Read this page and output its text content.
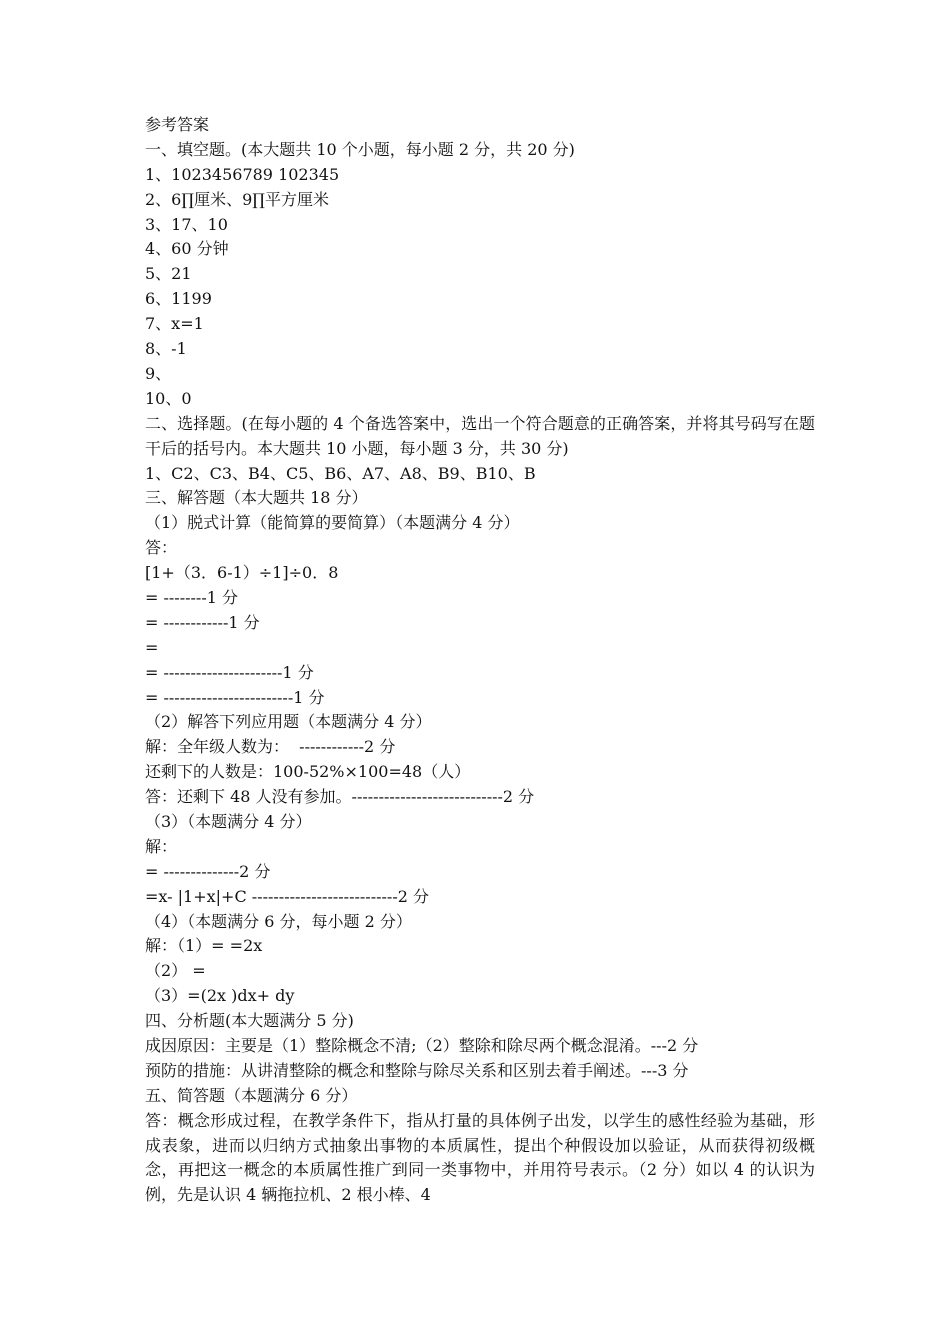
参考答案
一、填空题。(本大题共 10 个小题，每小题 2 分，共 20 分)
1、1023456789 102345
2、6∏厘米、9∏平方厘米
3、17、10
4、60 分钟
5、21
6、1199
7、x=1
8、-1
9、
10、0
二、选择题。(在每小题的 4 个备选答案中，选出一个符合题意的正确答案，并将其号码写在题干后的括号内。本大题共 10 小题，每小题 3 分，共 30 分)
1、C2、C3、B4、C5、B6、A7、A8、B9、B10、B
三、解答题（本大题共 18 分）
（1）脱式计算（能简算的要简算）（本题满分 4 分）
答：
[1+（3．6-1）÷1]÷0．8
= --------1 分
= ------------1 分
=
= ----------------------1 分
= ------------------------1 分
（2）解答下列应用题（本题满分 4 分）
解：全年级人数为：  ------------2 分
还剩下的人数是：100-52%×100=48（人）
答：还剩下 48 人没有参加。----------------------------2 分
（3）（本题满分 4 分）
解：
= --------------2 分
=x- |1+x|+C ---------------------------2 分
（4）（本题满分 6 分，每小题 2 分）
解：（1）= =2x
（2） =
（3）=(2x )dx+ dy
四、分析题(本大题满分 5 分)
成因原因：主要是（1）整除概念不清;（2）整除和除尽两个概念混淆。---2 分
预防的措施：从讲清整除的概念和整除与除尽关系和区别去着手阐述。---3 分
五、简答题（本题满分 6 分）
答：概念形成过程，在教学条件下，指从打量的具体例子出发，以学生的感性经验为基础，形成表象，进而以归纳方式抽象出事物的本质属性，提出个种假设加以验证，从而获得初级概念，再把这一概念的本质属性推广到同一类事物中，并用符号表示。（2 分）如以 4 的认识为例，先是认识 4 辆拖拉机、2 根小棒、4
